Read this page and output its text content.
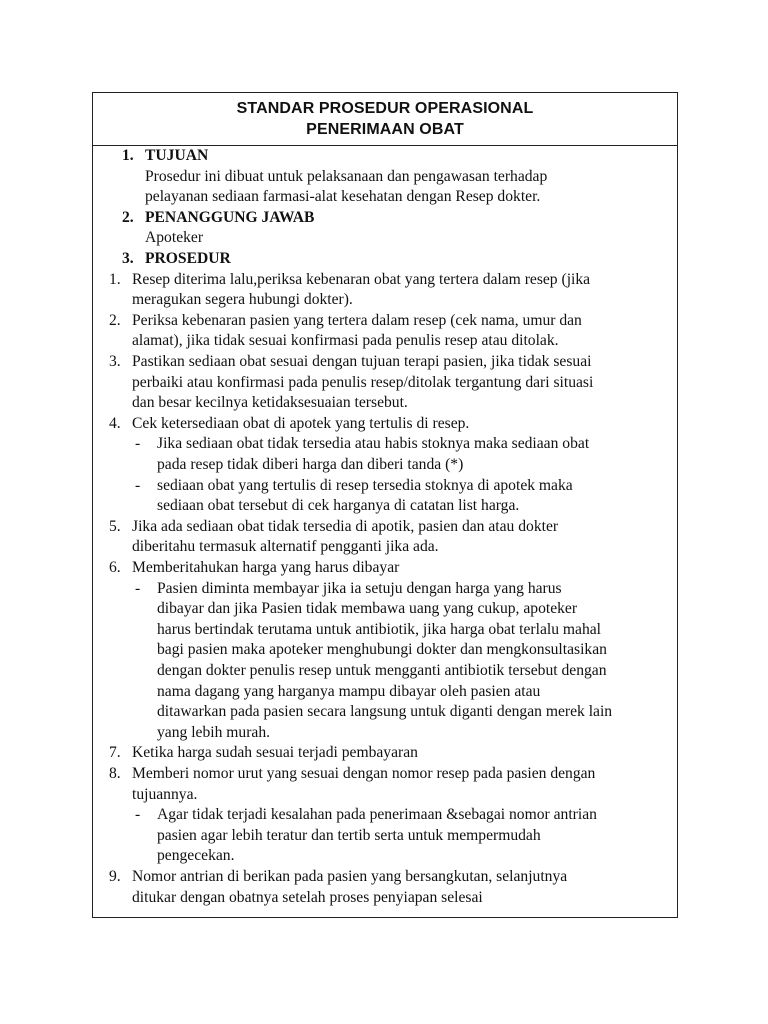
STANDAR PROSEDUR OPERASIONAL
PENERIMAAN OBAT
1. TUJUAN
Prosedur ini dibuat untuk pelaksanaan dan pengawasan terhadap
pelayanan sediaan farmasi-alat kesehatan dengan Resep dokter.
2. PENANGGUNG JAWAB
Apoteker
3. PROSEDUR
1. Resep diterima lalu,periksa kebenaran obat yang tertera dalam resep (jika
meragukan segera hubungi dokter).
2. Periksa kebenaran pasien yang tertera dalam resep (cek nama, umur dan
alamat), jika tidak sesuai konfirmasi pada penulis resep atau ditolak.
3. Pastikan sediaan obat sesuai dengan tujuan terapi pasien, jika tidak sesuai
perbaiki atau konfirmasi pada penulis resep/ditolak tergantung dari situasi
dan besar kecilnya ketidaksesuaian tersebut.
4. Cek ketersediaan obat di apotek yang tertulis di resep.
- Jika sediaan obat tidak tersedia atau habis stoknya maka sediaan obat
pada resep tidak diberi harga dan diberi tanda (*)
- sediaan obat yang tertulis di resep tersedia stoknya di apotek maka
sediaan obat tersebut di cek harganya di catatan list harga.
5. Jika ada sediaan obat tidak tersedia di apotik, pasien dan atau dokter
diberitahu termasuk alternatif pengganti jika ada.
6. Memberitahukan harga yang harus dibayar
- Pasien diminta membayar jika ia setuju dengan harga yang harus
dibayar dan jika Pasien tidak membawa uang yang cukup, apoteker
harus bertindak terutama untuk antibiotik, jika harga obat terlalu mahal
bagi pasien maka apoteker menghubungi dokter dan mengkonsultasikan
dengan dokter penulis resep untuk mengganti antibiotik tersebut dengan
nama dagang yang harganya mampu dibayar oleh pasien atau
ditawarkan pada pasien secara langsung untuk diganti dengan merek lain
yang lebih murah.
7. Ketika harga sudah sesuai terjadi pembayaran
8. Memberi nomor urut yang sesuai dengan nomor resep pada pasien dengan
tujuannya.
- Agar tidak terjadi kesalahan pada penerimaan &sebagai nomor antrian
pasien agar lebih teratur dan tertib serta untuk mempermudah
pengecekan.
9. Nomor antrian di berikan pada pasien yang bersangkutan, selanjutnya
ditukar dengan obatnya setelah proses penyiapan selesai
